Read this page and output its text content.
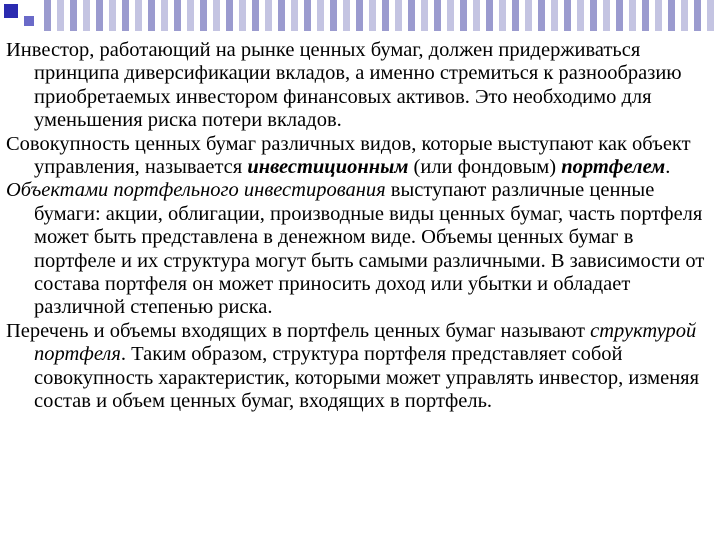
Инвестор, работающий на рынке ценных бумаг, должен придерживаться принципа диверсификации вкладов, а именно стремиться к разнообразию приобретаемых инвестором финансовых активов. Это необходимо для уменьшения риска потери вкладов.

Совокупность ценных бумаг различных видов, которые выступают как объект управления, называется инвестиционным (или фондовым) портфелем.

Объектами портфельного инвестирования выступают различные ценные бумаги: акции, облигации, производные виды ценных бумаг, часть портфеля может быть представлена в денежном виде. Объемы ценных бумаг в портфеле и их структура могут быть самыми различными. В зависимости от состава портфеля он может приносить доход или убытки и обладает различной степенью риска.

Перечень и объемы входящих в портфель ценных бумаг называют структурой портфеля. Таким образом, структура портфеля представляет собой совокупность характеристик, которыми может управлять инвестор, изменяя состав и объем ценных бумаг, входящих в портфель.
